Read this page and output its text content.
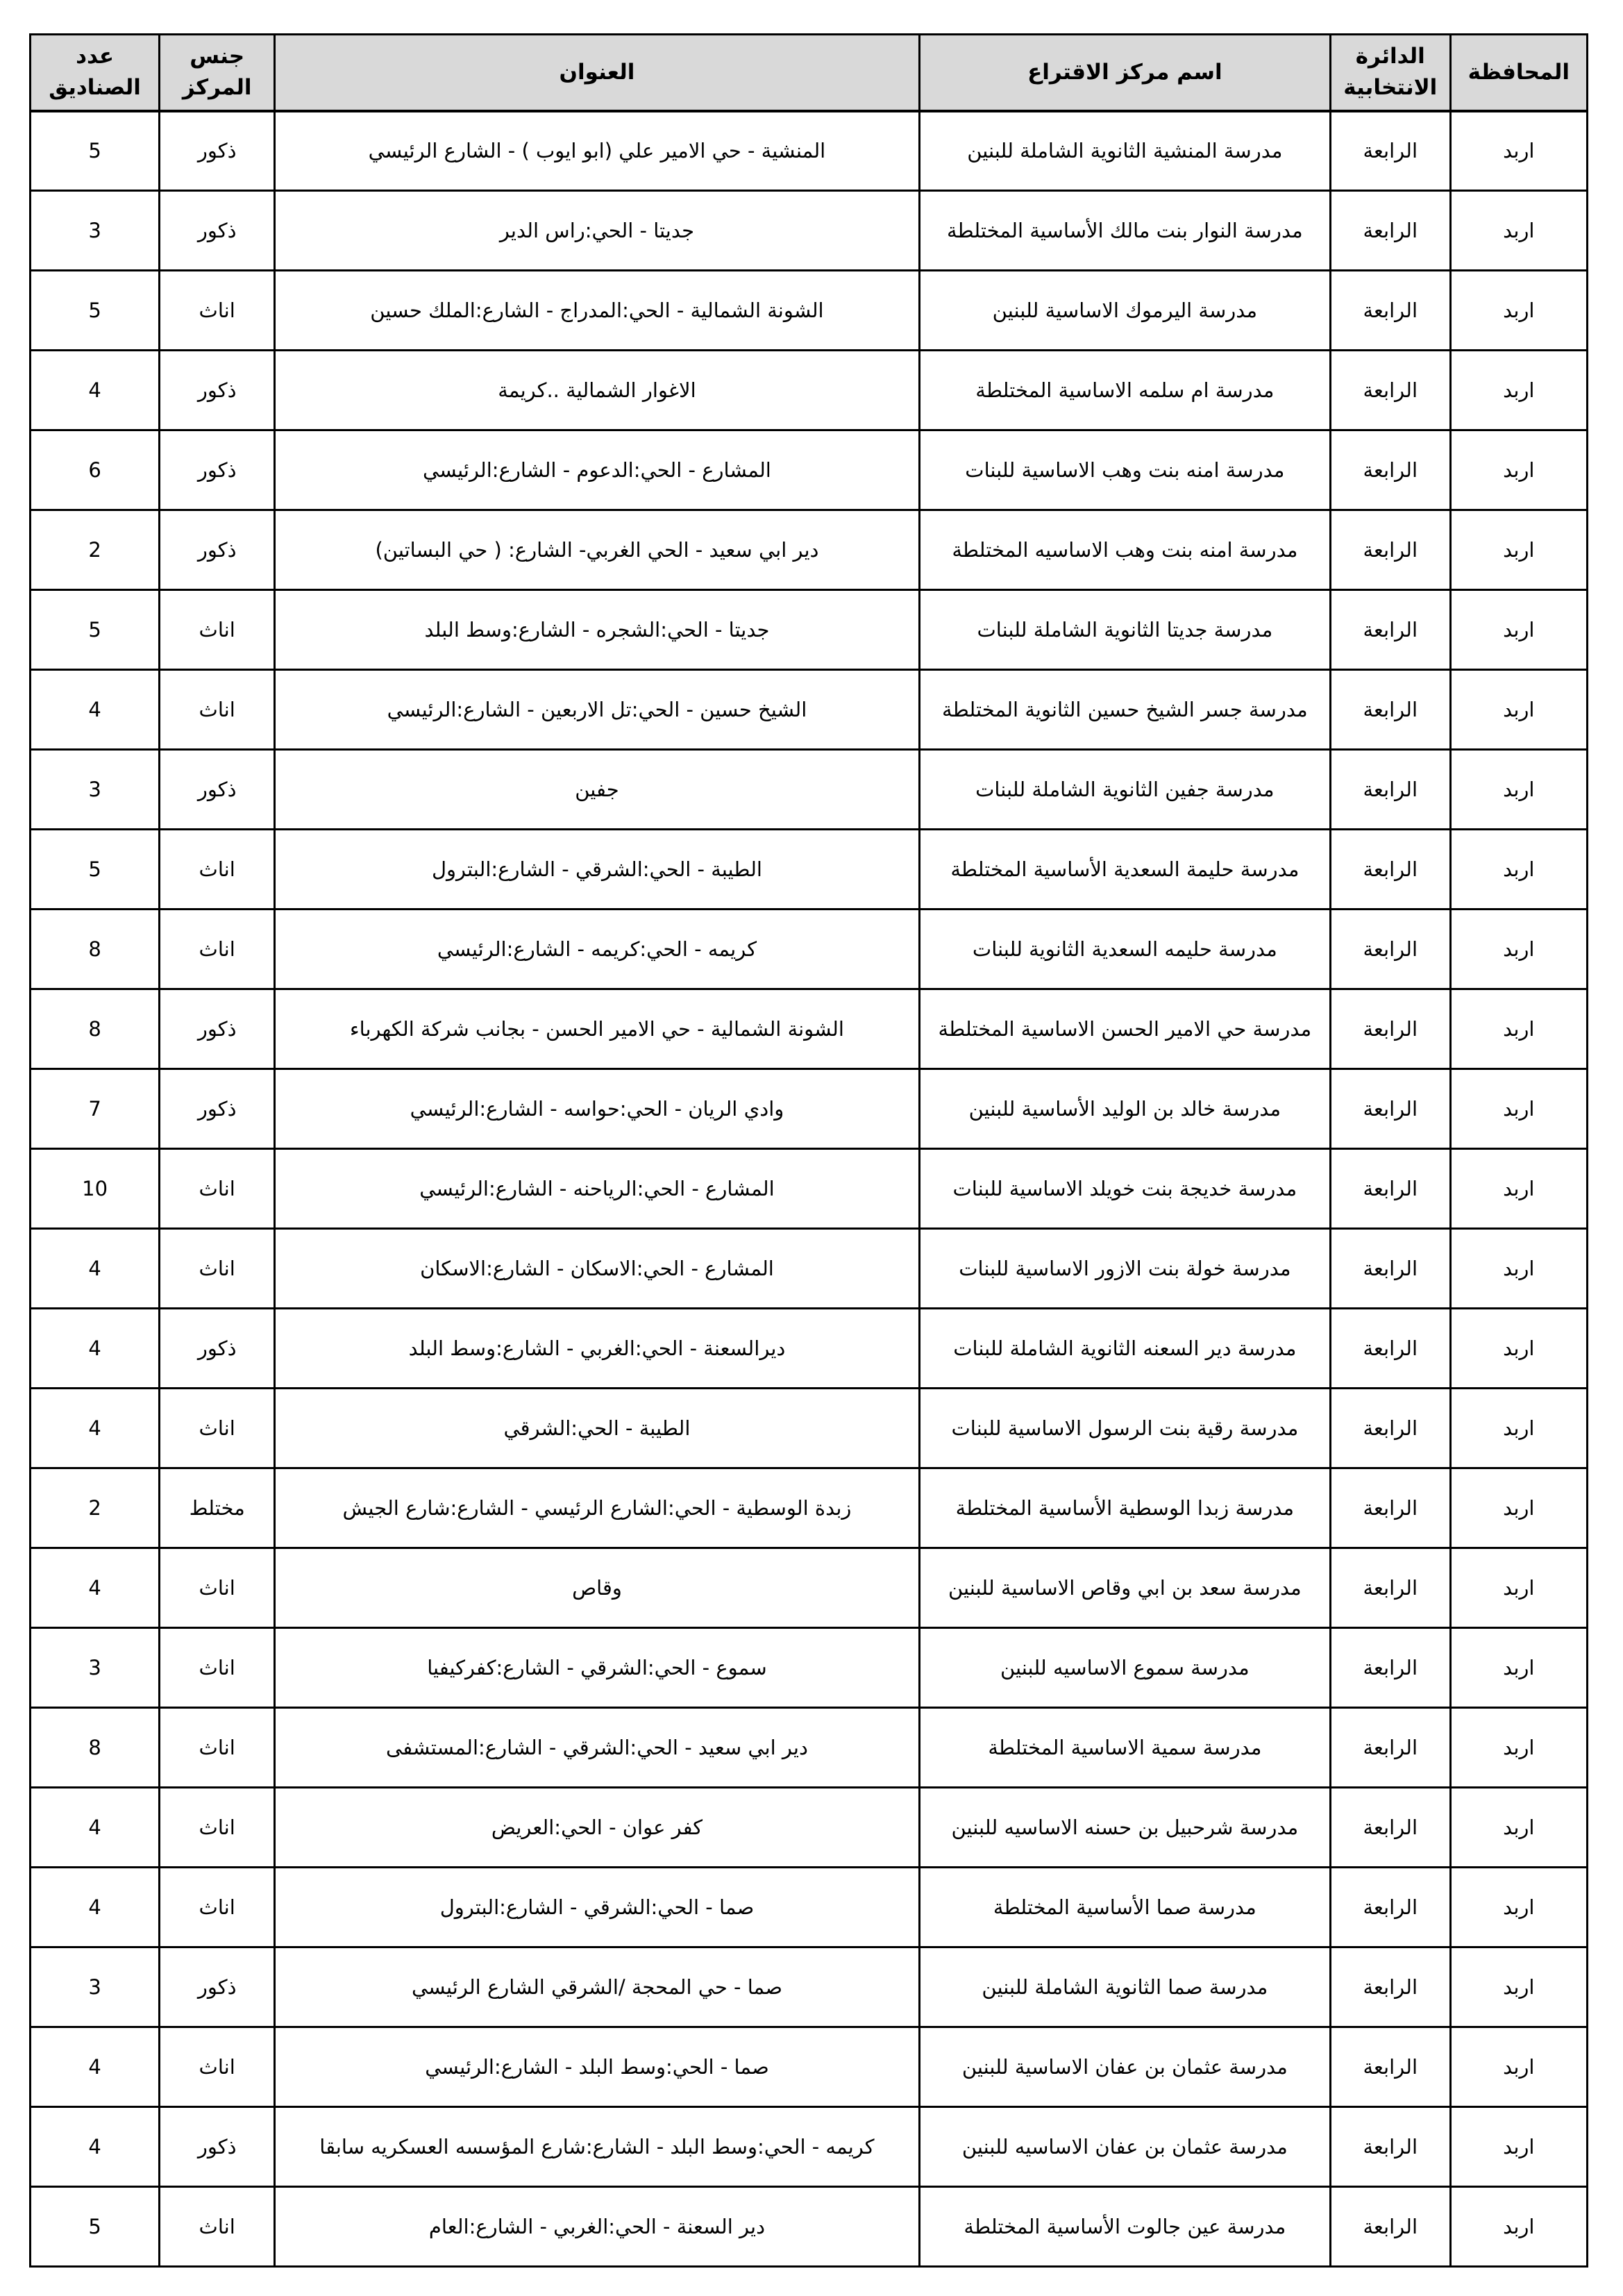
المحافظة	الدائرة الانتخابية	اسم مركز الاقتراع	العنوان	جنس المركز	عدد الصناديق
اربد	الرابعة	مدرسة المنشية الثانوية الشاملة للبنين	المنشية - حي الامير علي (ابو ايوب ) - الشارع الرئيسي	ذكور	5
اربد	الرابعة	مدرسة النوار بنت مالك الأساسية المختلطة	جديتا - الحي:راس الدير	ذكور	3
اربد	الرابعة	مدرسة اليرموك الاساسية للبنين	الشونة الشمالية - الحي:المدراج - الشارع:الملك حسين	اناث	5
اربد	الرابعة	مدرسة ام سلمه الاساسية المختلطة	الاغوار الشمالية ..كريمة	ذكور	4
اربد	الرابعة	مدرسة امنه بنت وهب الاساسية للبنات	المشارع - الحي:الدعوم - الشارع:الرئيسي	ذكور	6
اربد	الرابعة	مدرسة امنه بنت وهب الاساسيه المختلطة	دير ابي سعيد - الحي الغربي- الشارع: ( حي البساتين)	ذكور	2
اربد	الرابعة	مدرسة جديتا الثانوية الشاملة للبنات	جديتا - الحي:الشجره - الشارع:وسط البلد	اناث	5
اربد	الرابعة	مدرسة جسر الشيخ حسين الثانوية المختلطة	الشيخ حسين - الحي:تل الاربعين - الشارع:الرئيسي	اناث	4
اربد	الرابعة	مدرسة جفين الثانوية الشاملة للبنات	جفين	ذكور	3
اربد	الرابعة	مدرسة حليمة السعدية الأساسية المختلطة	الطيبة - الحي:الشرقي - الشارع:البترول	اناث	5
اربد	الرابعة	مدرسة حليمه السعدية الثانوية للبنات	كريمه - الحي:كريمه - الشارع:الرئيسي	اناث	8
اربد	الرابعة	مدرسة حي الامير الحسن الاساسية المختلطة	الشونة الشمالية - حي الامير الحسن - بجانب شركة الكهرباء	ذكور	8
اربد	الرابعة	مدرسة خالد بن الوليد الأساسية للبنين	وادي الريان - الحي:حواسه - الشارع:الرئيسي	ذكور	7
اربد	الرابعة	مدرسة خديجة بنت خويلد الاساسية للبنات	المشارع - الحي:الرياحنه - الشارع:الرئيسي	اناث	10
اربد	الرابعة	مدرسة خولة بنت الازور الاساسية للبنات	المشارع - الحي:الاسكان - الشارع:الاسكان	اناث	4
اربد	الرابعة	مدرسة دير السعنه الثانوية الشاملة للبنات	ديرالسعنة - الحي:الغربي - الشارع:وسط البلد	ذكور	4
اربد	الرابعة	مدرسة رقية بنت الرسول الاساسية للبنات	الطيبة - الحي:الشرقي	اناث	4
اربد	الرابعة	مدرسة زبدا الوسطية الأساسية المختلطة	زبدة الوسطية - الحي:الشارع الرئيسي - الشارع:شارع الجيش	مختلط	2
اربد	الرابعة	مدرسة سعد بن ابي وقاص الاساسية للبنين	وقاص	اناث	4
اربد	الرابعة	مدرسة سموع الاساسيه للبنين	سموع - الحي:الشرقي - الشارع:كفركيفيا	اناث	3
اربد	الرابعة	مدرسة سمية الاساسية المختلطة	دير ابي سعيد - الحي:الشرقي - الشارع:المستشفى	اناث	8
اربد	الرابعة	مدرسة شرحبيل بن حسنه الاساسيه للبنين	كفر عوان - الحي:العريض	اناث	4
اربد	الرابعة	مدرسة صما الأساسية المختلطة	صما - الحي:الشرقي - الشارع:البترول	اناث	4
اربد	الرابعة	مدرسة صما الثانوية الشاملة للبنين	صما - حي المحجة /الشرقي الشارع الرئيسي	ذكور	3
اربد	الرابعة	مدرسة عثمان بن عفان الاساسية للبنين	صما - الحي:وسط البلد - الشارع:الرئيسي	اناث	4
اربد	الرابعة	مدرسة عثمان بن عفان الاساسيه للبنين	كريمه - الحي:وسط البلد - الشارع:شارع المؤسسه العسكريه سابقا	ذكور	4
اربد	الرابعة	مدرسة عين جالوت الأساسية المختلطة	دير السعنة - الحي:الغربي - الشارع:العام	اناث	5
